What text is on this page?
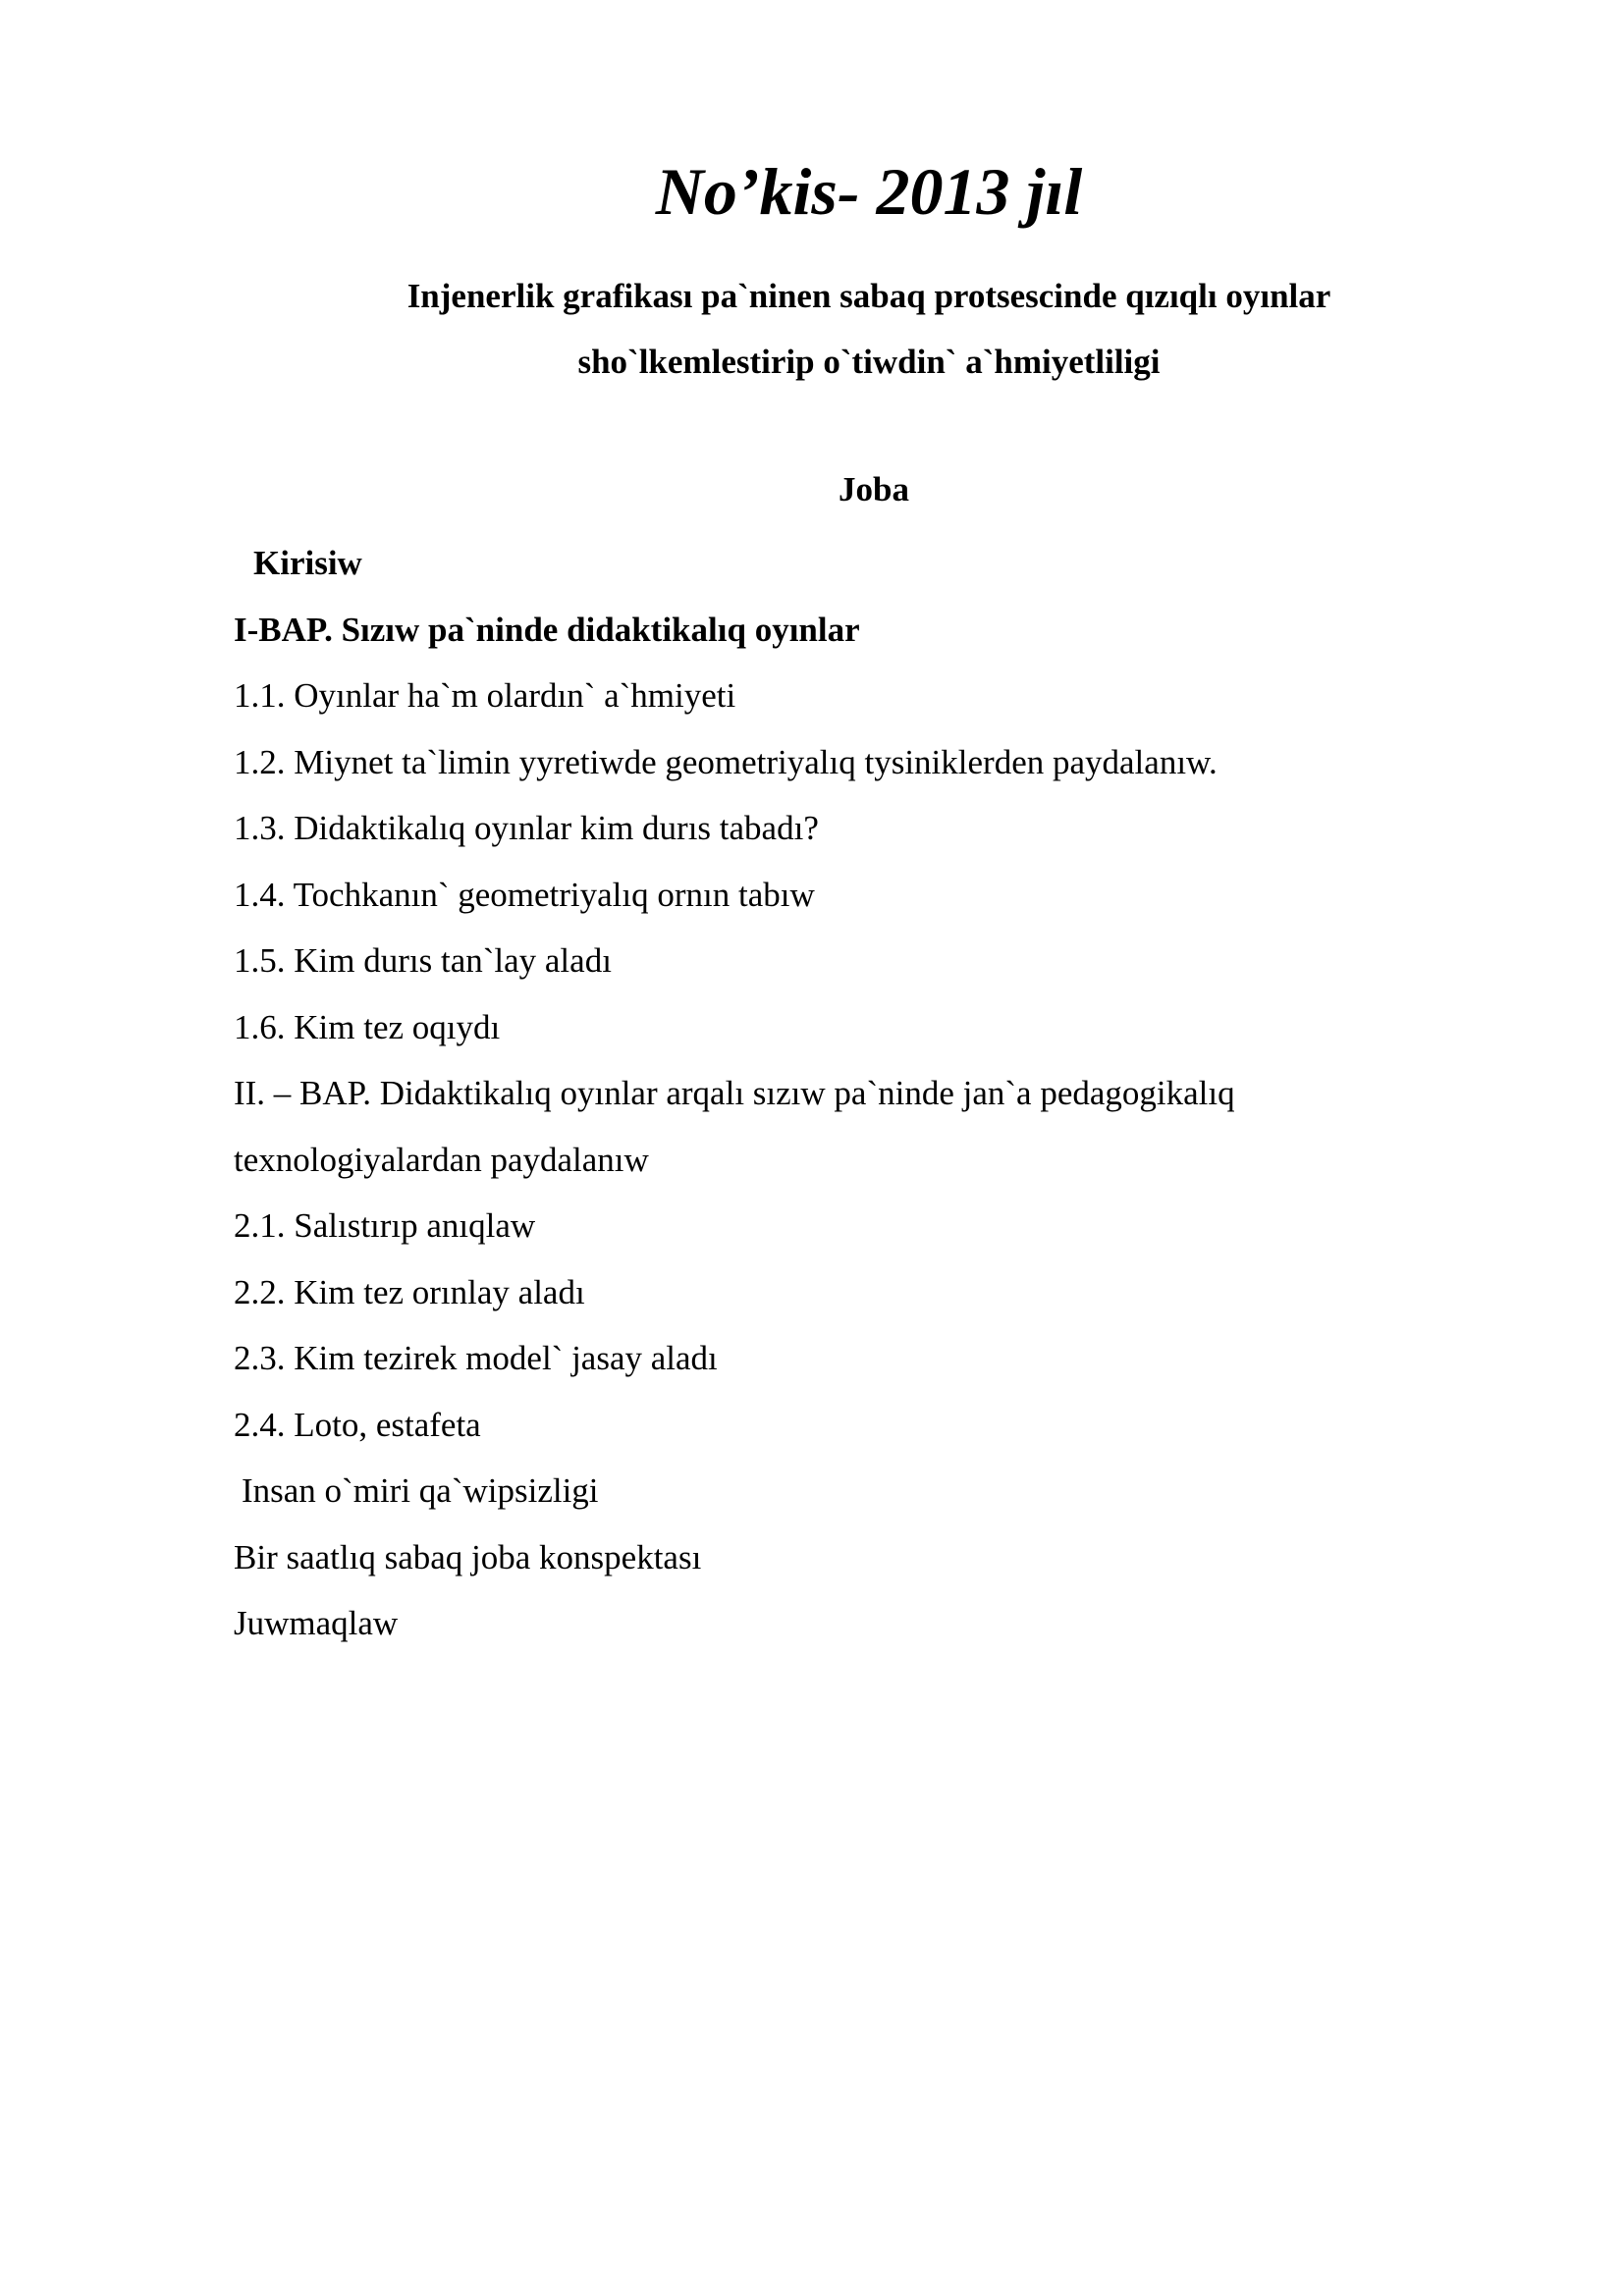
No’kis- 2013 jıl
Injenerlik grafikası pa`ninen sabaq protsescinde qızıqlı oyınlar
sho`lkemlestirip o`tiwdin` a`hmiyetliligi
Joba
Kirisiw
I-BAP. Sızıw pa`ninde didaktikalıq oyınlar
1.1. Oyınlar ha`m olardın` a`hmiyeti
1.2. Miynet ta`limin yyretiwde geometriyalıq tysiniklerden paydalanıw.
1.3. Didaktikalıq oyınlar kim durıs tabadı?
1.4. Tochkanın` geometriyalıq ornın tabıw
1.5. Kim durıs tan`lay aladı
1.6. Kim tez oqıydı
II. – BAP. Didaktikalıq oyınlar arqalı sızıw pa`ninde jan`a pedagogikalıq
texnologiyalardan paydalanıw
2.1. Salıstırıp anıqlaw
2.2. Kim tez orınlay aladı
2.3. Kim tezirek model` jasay aladı
2.4. Loto, estafeta
Insan o`miri qa`wipsizligi
Bir saatlıq sabaq joba konspektası
Juwmaqlaw
